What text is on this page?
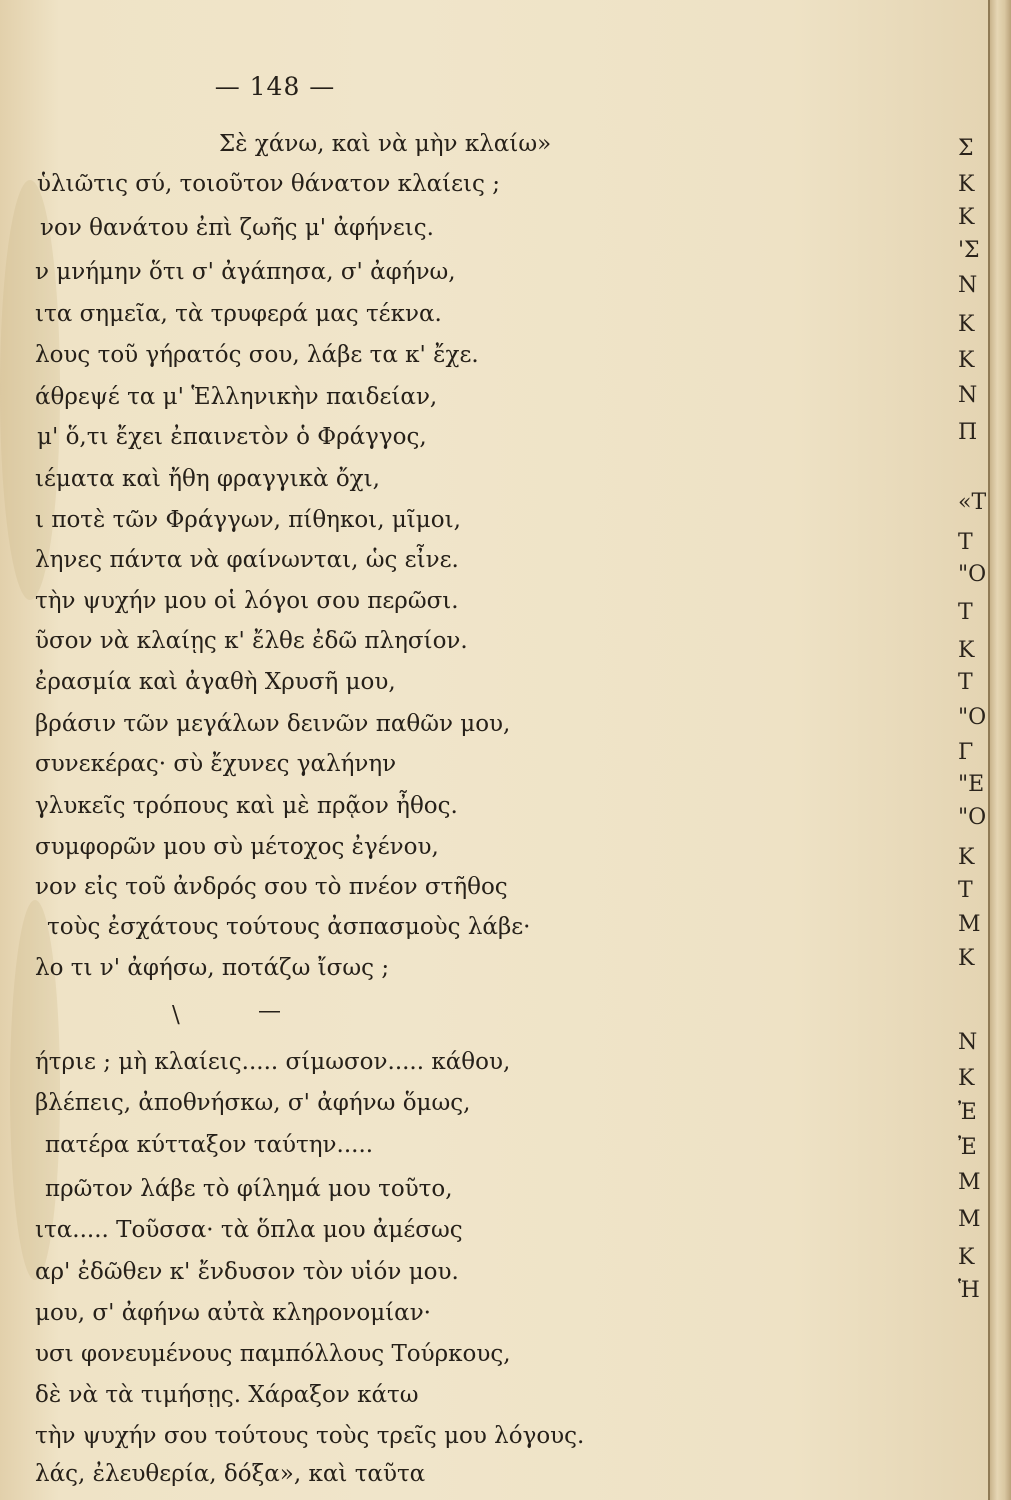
— 148 —
Σὲ χάνω, καὶ νὰ μὴν κλαίω»
ὑλιῶτις σύ, τοιοῦτον θάνατον κλαίεις ;
νον θανάτου ἐπὶ ζωῆς μ' ἀφήνεις.
ν μνήμην ὅτι σ' ἀγάπησα, σ' ἀφήνω,
ιτα σημεῖα, τὰ τρυφερά μας τέκνα.
λους τοῦ γήρατός σου, λάβε τα κ' ἔχε.
άθρεψέ τα μ' Ἑλληνικὴν παιδείαν,
μ' ὅ,τι ἔχει ἐπαινετὸν ὁ Φράγγος,
ιέματα καὶ ἤθη φραγγικὰ ὄχι,
ι ποτὲ τῶν Φράγγων, πίθηκοι, μῖμοι,
ληνες πάντα νὰ φαίνωνται, ὡς εἶνε.
τὴν ψυχήν μου οἱ λόγοι σου περῶσι.
ῦσον νὰ κλαίῃς κ' ἔλθε ἐδῶ πλησίον.
ἐρασμία καὶ ἀγαθὴ Χρυσῆ μου,
βράσιν τῶν μεγάλων δεινῶν παθῶν μου,
συνεκέρας· σὺ ἔχυνες γαλήνην
γλυκεῖς τρόπους καὶ μὲ πρᾷον ἦθος.
συμφορῶν μου σὺ μέτοχος ἐγένου,
νον εἰς τοῦ ἀνδρός σου τὸ πνέον στῆθος
τοὺς ἐσχάτους τούτους ἀσπασμοὺς λάβε·
λο τι ν' ἀφήσω, ποτάζω ἴσως ;
\	—
ήτριε ; μὴ κλαίεις..... σίμωσον..... κάθου,
βλέπεις, ἀποθνήσκω, σ' ἀφήνω ὅμως,
πατέρα κύτταξον ταύτην.....
πρῶτον λάβε τὸ φίλημά μου τοῦτο,
ιτα..... Τοῦσσα· τὰ ὅπλα μου ἀμέσως
αρ' ἐδῶθεν κ' ἔνδυσον τὸν υἱόν μου.
μου, σ' ἀφήνω αὐτὰ κληρονομίαν·
υσι φονευμένους παμπόλλους Τούρκους,
δὲ νὰ τὰ τιμήσῃς. Χάραξον κάτω
τὴν ψυχήν σου τούτους τοὺς τρεῖς μου λόγους.
λάς, ἐλευθερία, δόξα», καὶ ταῦτα
Σ
Κ
Κ
'Σ
Ν
Κ
Κ
Ν
Π
«Τ
Τ
"Ο
Τ
Κ
Τ
"Ο
Γ
"Ε
"Ο
Κ
Τ
Μ
Κ
Ν
Κ
Ἐ
Ἐ
Μ
Μ
Κ
Ἡ
